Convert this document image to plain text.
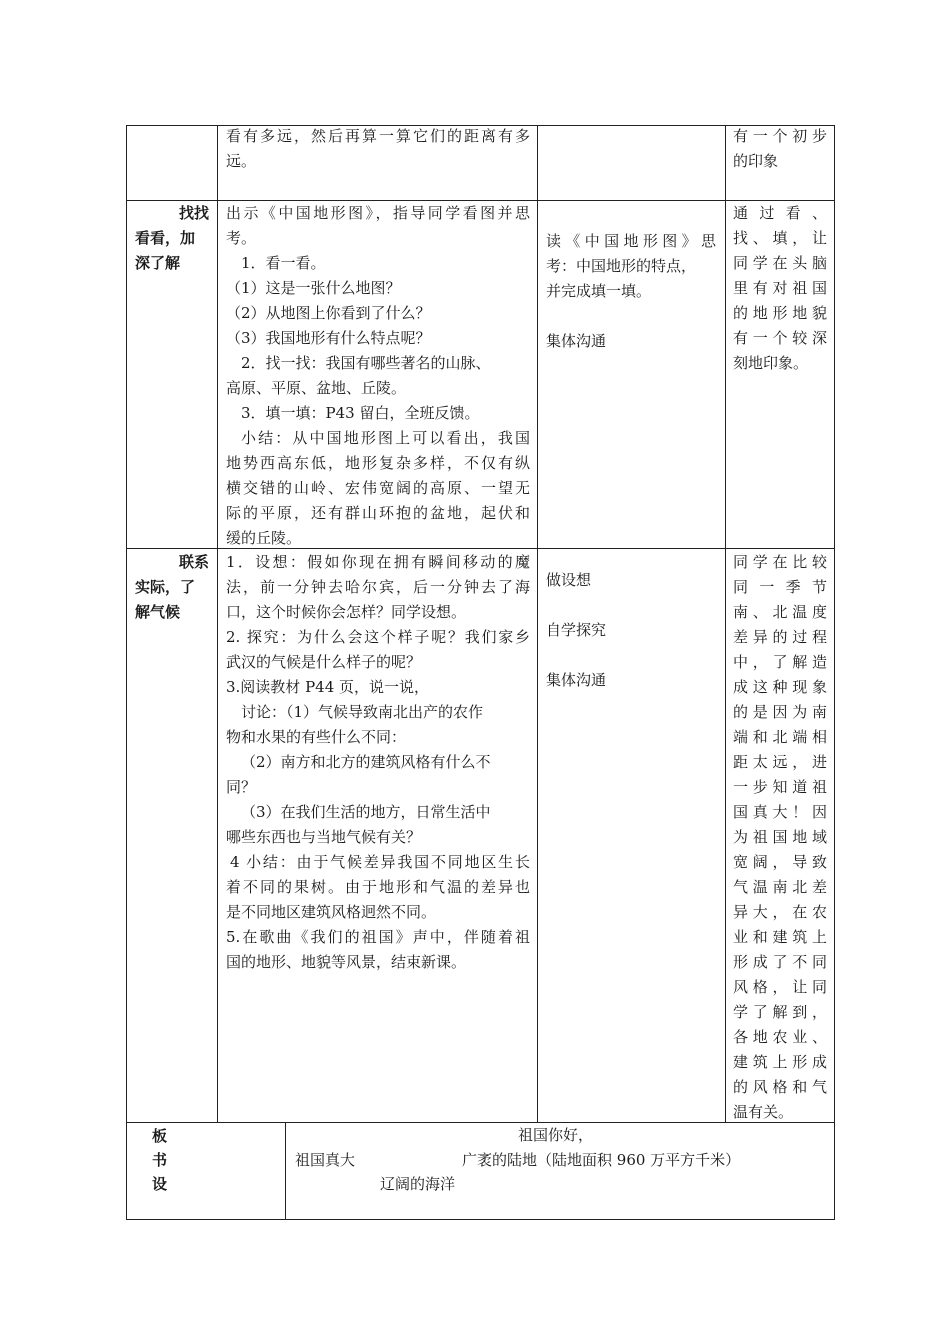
看有多远，然后再算一算它们的距离有多
远。
有一个初步
的印象
找找
看看，加
深了解
出示《中国地形图》，指导同学看图并思
考。
1．看一看。
（1）这是一张什么地图？
（2）从地图上你看到了什么？
（3）我国地形有什么特点呢？
2．找一找：我国有哪些著名的山脉、
高原、平原、盆地、丘陵。
3．填一填：P43 留白，全班反馈。
小结：从中国地形图上可以看出，我国
地势西高东低，地形复杂多样，不仅有纵
横交错的山岭、宏伟宽阔的高原、一望无
际的平原，还有群山环抱的盆地，起伏和
缓的丘陵。
读《中国地形图》思
考：中国地形的特点，
并完成填一填。
集体沟通
通过看、
找、填，让
同学在头脑
里有对祖国
的地形地貌
有一个较深
刻地印象。
联系
实际，了
解气候
1．设想：假如你现在拥有瞬间移动的魔
法，前一分钟去哈尔宾，后一分钟去了海
口，这个时候你会怎样？同学设想。
2. 探究：为什么会这个样子呢？我们家乡
武汉的气候是什么样子的呢？
3.阅读教材 P44 页，说一说，
讨论：（1）气候导致南北出产的农作
物和水果的有些什么不同：
（2）南方和北方的建筑风格有什么不
同？
（3）在我们生活的地方，日常生活中
哪些东西也与当地气候有关？
4 小结：由于气候差异我国不同地区生长
着不同的果树。由于地形和气温的差异也
是不同地区建筑风格迥然不同。
5.在歌曲《我们的祖国》声中，伴随着祖
国的地形、地貌等风景，结束新课。
做设想
自学探究
集体沟通
同学在比较
同一季节
南、北温度
差异的过程
中，了解造
成这种现象
的是因为南
端和北端相
距太远，进
一步知道祖
国真大！因
为祖国地域
宽阔，导致
气温南北差
异大，在农
业和建筑上
形成了不同
风格，让同
学了解到，
各地农业、
建筑上形成
的风格和气
温有关。
板
书
设
祖国你好，
祖国真大	广袤的陆地（陆地面积 960 万平方千米）
辽阔的海洋
